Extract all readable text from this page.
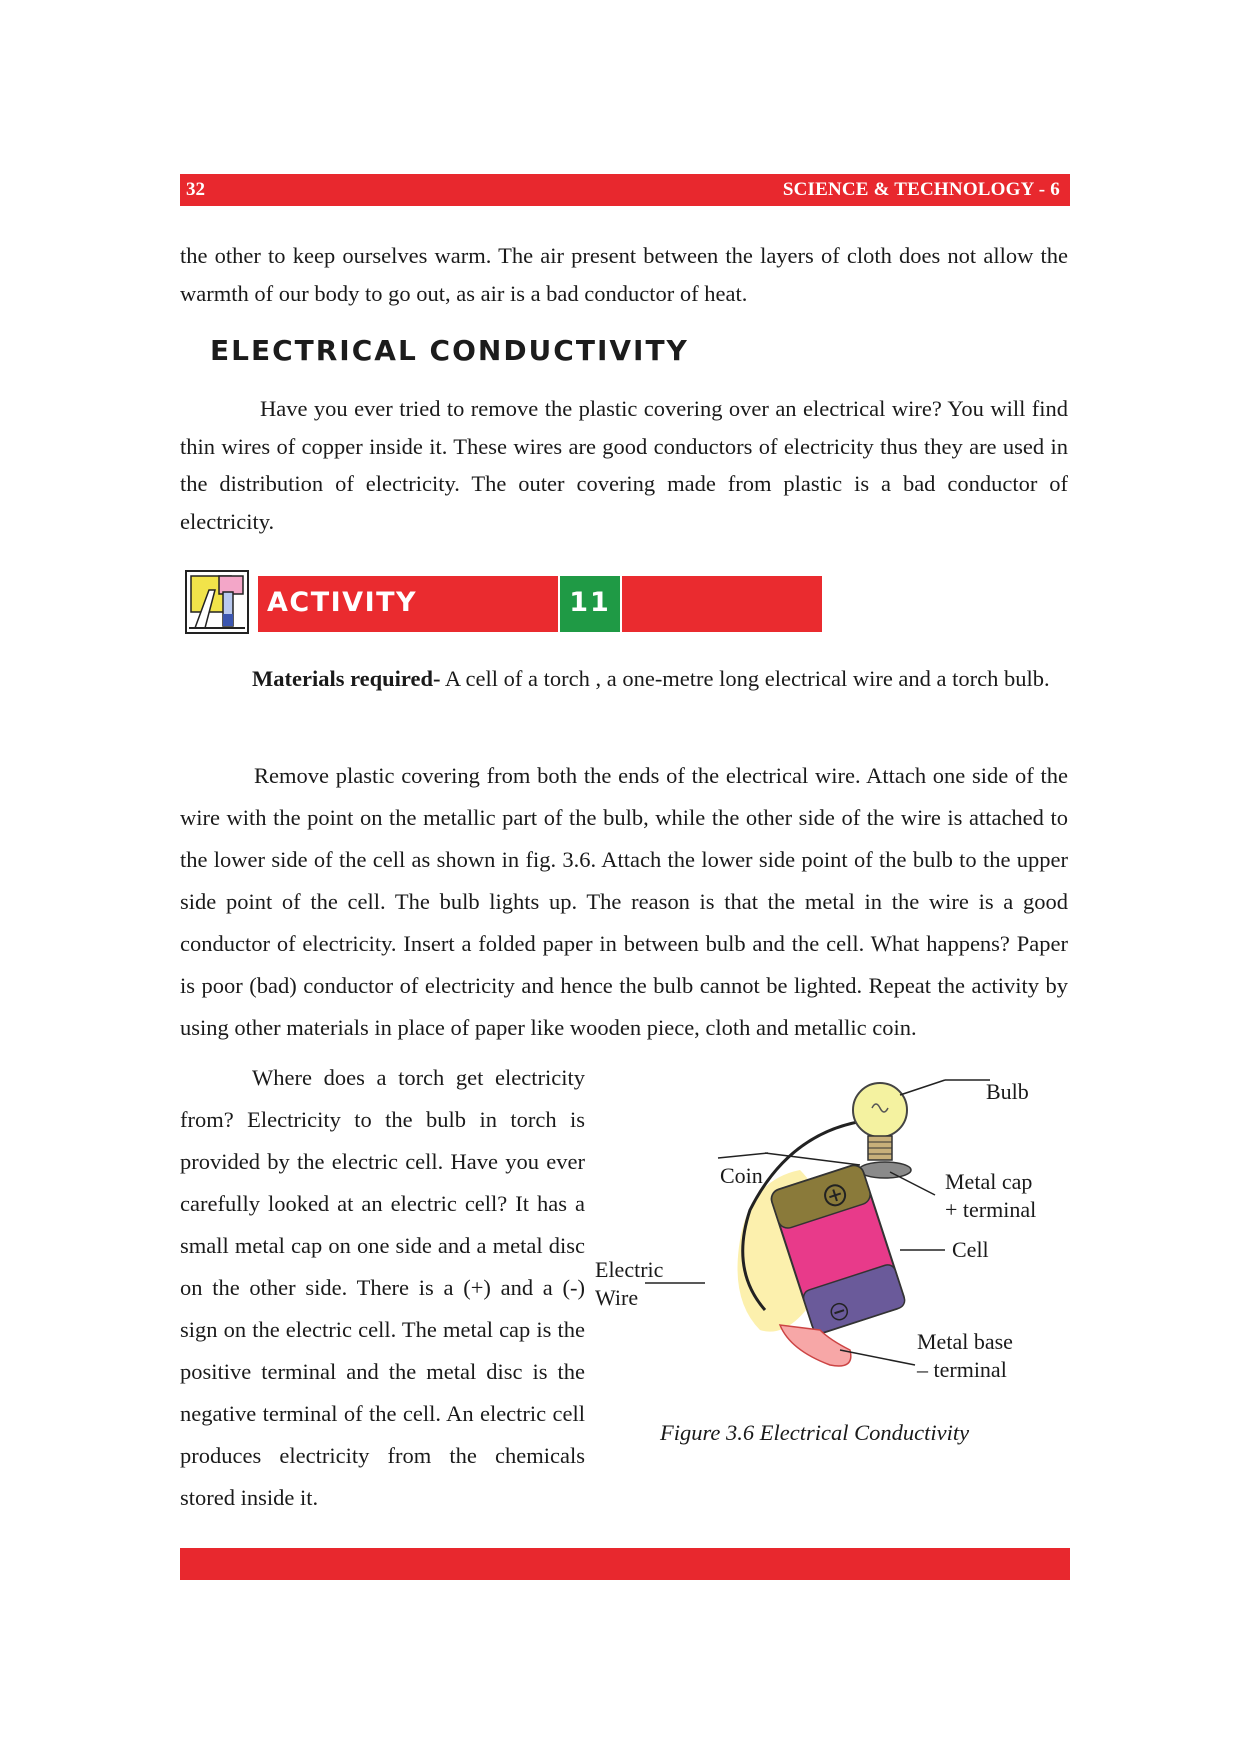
32	SCIENCE & TECHNOLOGY - 6

the other to keep ourselves warm. The air present between the layers of cloth does not allow the warmth of our body to go out, as air is a bad conductor of heat.

ELECTRICAL CONDUCTIVITY

Have you ever tried to remove the plastic covering over an electrical wire? You will find thin wires of copper inside it. These wires are good conductors of electricity thus they are used in the distribution of electricity. The outer covering made from plastic is a bad conductor of electricity.

ACTIVITY	11

Materials required- A cell of a torch , a one-metre long electrical wire and a torch bulb.

Remove plastic covering from both the ends of the electrical wire. Attach one side of the wire with the point on the metallic part of the bulb, while the other side of the wire is attached to the lower side of the cell as shown in fig. 3.6. Attach the lower side point of the bulb to the upper side point of the cell. The bulb lights up. The reason is that the metal in the wire is a good conductor of electricity. Insert a folded paper in between bulb and the cell. What happens? Paper is poor (bad) conductor of electricity and hence the bulb cannot be lighted. Repeat the activity by using other materials in place of paper like wooden piece, cloth and metallic coin.

Where does a torch get electricity from? Electricity to the bulb in torch is provided by the electric cell. Have you ever carefully looked at an electric cell? It has a small metal cap on one side and a metal disc on the other side. There is a (+) and a (-) sign on the electric cell. The metal cap is the positive terminal and the metal disc is the negative terminal of the cell. An electric cell produces electricity from the chemicals stored inside it.

Bulb
Coin	Metal cap
+ terminal
Cell
Electric
Wire
Metal base
– terminal
Figure 3.6 Electrical Conductivity
